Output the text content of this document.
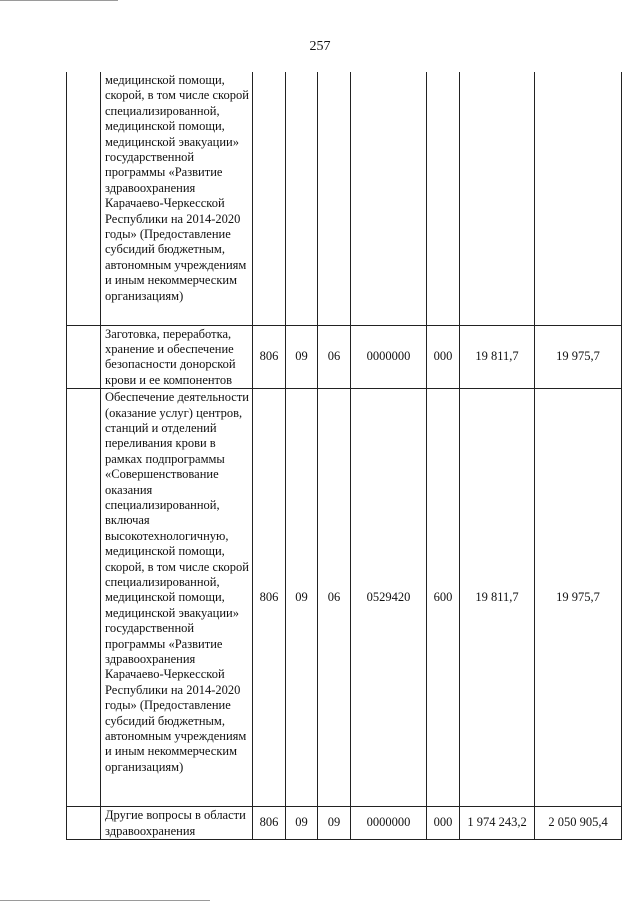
257
	медицинской помощи, скорой, в том числе скорой специализированной, медицинской помощи, медицинской эвакуации» государственной программы «Развитие здравоохранения Карачаево-Черкесской Республики на 2014-2020 годы» (Предоставление субсидий бюджетным, автономным учреждениям и иным некоммерческим организациям)							
	Заготовка, переработка, хранение и обеспечение безопасности донорской крови и ее компонентов	806	09	06	0000000	000	19 811,7	19 975,7
	Обеспечение деятельности (оказание услуг) центров, станций и отделений переливания крови в рамках подпрограммы «Совершенствование оказания специализированной, включая высокотехнологичную, медицинской помощи, скорой, в том числе скорой специализированной, медицинской помощи, медицинской эвакуации» государственной программы «Развитие здравоохранения Карачаево-Черкесской Республики на 2014-2020 годы» (Предоставление субсидий бюджетным, автономным учреждениям и иным некоммерческим организациям)	806	09	06	0529420	600	19 811,7	19 975,7
	Другие вопросы в области здравоохранения	806	09	09	0000000	000	1 974 243,2	2 050 905,4
